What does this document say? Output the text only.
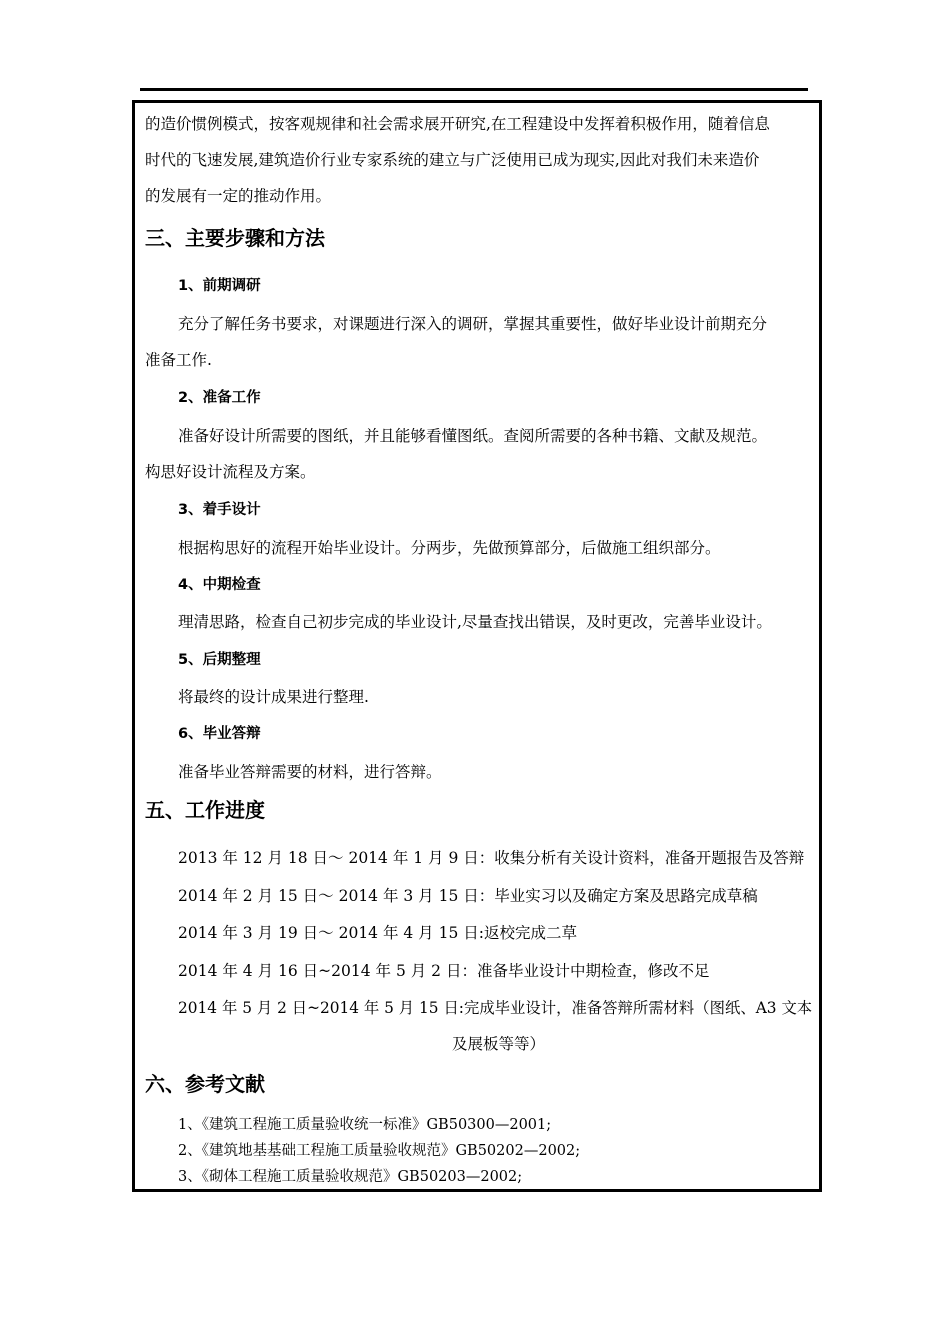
的造价惯例模式，按客观规律和社会需求展开研究,在工程建设中发挥着积极作用，随着信息
时代的飞速发展,建筑造价行业专家系统的建立与广泛使用已成为现实,因此对我们未来造价
的发展有一定的推动作用。
三、主要步骤和方法
1、前期调研
充分了解任务书要求，对课题进行深入的调研，掌握其重要性，做好毕业设计前期充分
准备工作.
2、准备工作
准备好设计所需要的图纸，并且能够看懂图纸。查阅所需要的各种书籍、文献及规范。
构思好设计流程及方案。
3、着手设计
根据构思好的流程开始毕业设计。分两步，先做预算部分，后做施工组织部分。
4、中期检查
理清思路，检查自己初步完成的毕业设计,尽量查找出错误，及时更改，完善毕业设计。
5、后期整理
将最终的设计成果进行整理.
6、毕业答辩
准备毕业答辩需要的材料，进行答辩。
五、工作进度
2013 年 12 月 18 日～ 2014 年 1 月 9 日：收集分析有关设计资料，准备开题报告及答辩
2014 年 2 月 15 日～ 2014 年 3 月 15 日：毕业实习以及确定方案及思路完成草稿
2014 年 3 月 19 日～ 2014 年 4 月 15 日:返校完成二草
2014 年 4 月 16 日~2014 年 5 月 2 日：准备毕业设计中期检查，修改不足
2014 年 5 月 2 日~2014 年 5 月 15 日:完成毕业设计，准备答辩所需材料（图纸、A3 文本
及展板等等）
六、参考文献
1、《建筑工程施工质量验收统一标准》GB50300—2001;
2、《建筑地基基础工程施工质量验收规范》GB50202—2002;
3、《砌体工程施工质量验收规范》GB50203—2002;
